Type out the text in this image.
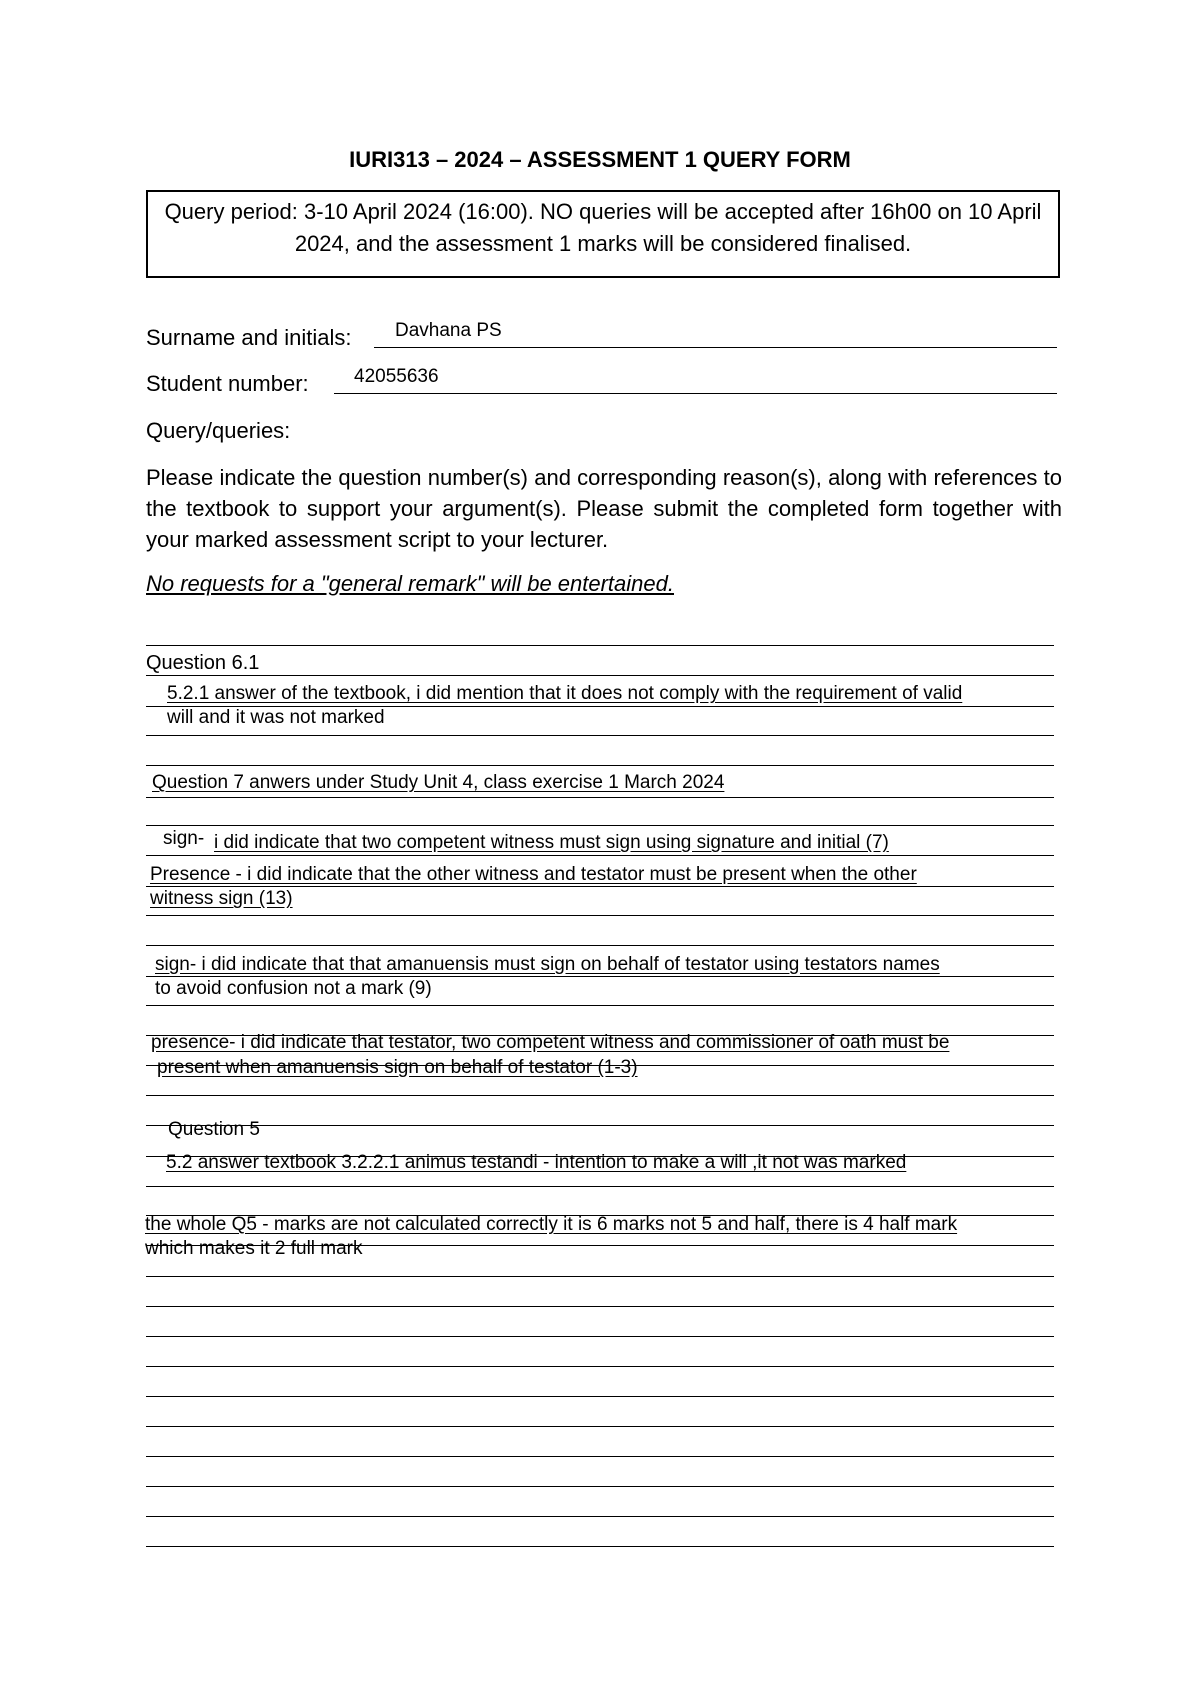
IURI313 – 2024 – ASSESSMENT 1 QUERY FORM
Query period: 3-10 April 2024 (16:00). NO queries will be accepted after 16h00 on 10 April 2024, and the assessment 1 marks will be considered finalised.
Surname and initials: Davhana PS
Student number: 42055636
Query/queries:
Please indicate the question number(s) and corresponding reason(s), along with references to the textbook to support your argument(s). Please submit the completed form together with your marked assessment script to your lecturer.
No requests for a "general remark" will be entertained.
Question 6.1
5.2.1 answer of the textbook, i did mention that it does not comply with the requirement of valid
will and it was not marked
Question 7 anwers under Study Unit 4, class exercise 1 March 2024
sign- i did indicate that two competent witness must sign using signature and initial (7)
Presence - i did indicate that the other witness and testator must be present when the other
witness sign (13)
sign- i did indicate that that amanuensis must sign on behalf of testator using testators names
to avoid confusion not a mark (9)
presence- i did indicate that testator, two competent witness and commissioner of oath must be
present when amanuensis sign on behalf of testator (1-3)
Question 5
5.2 answer textbook 3.2.2.1 animus testandi - intention to make a will ,it not was marked
the whole Q5 - marks are not calculated correctly it is 6 marks not 5 and half, there is 4 half mark
which makes it 2 full mark
